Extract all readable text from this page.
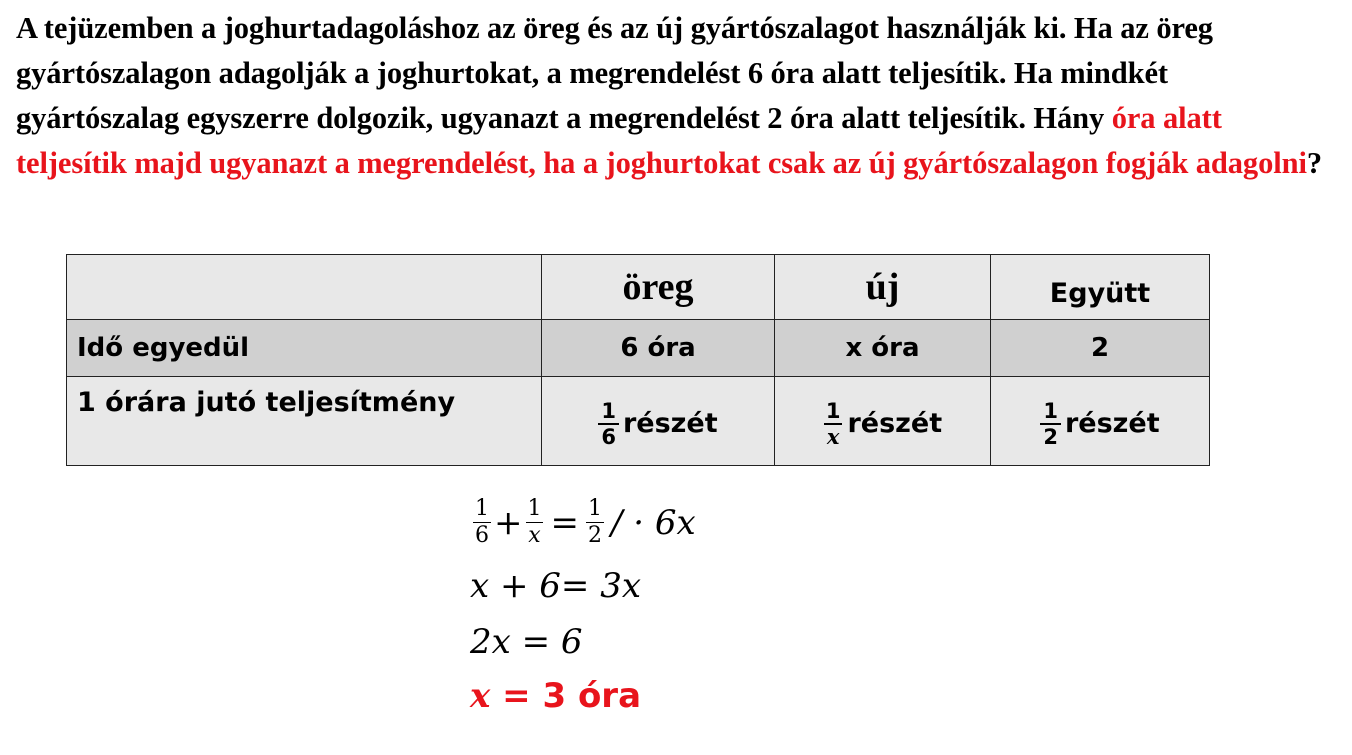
A tejüzemben a joghurtadagoláshoz az öreg és az új gyártószalagot használják ki. Ha az öreg gyártószalagon adagolják a joghurtokat, a megrendelést 6 óra alatt teljesítik. Ha mindkét gyártószalag egyszerre dolgozik, ugyanazt a megrendelést 2 óra alatt teljesítik. Hány óra alatt teljesítik majd ugyanazt a megrendelést, ha a joghurtokat csak az új gyártószalagon fogják adagolni?
	öreg	új	Együtt

Idő egyedül	6 óra	x óra	2
1 órára jutó teljesítmény	$\frac{1}{6}$ részét	$\frac{1}{x}$ részét	$\frac{1}{2}$ részét
$\frac{1}{6} + \frac{1}{x} = \frac{1}{2}$ / · 6x
x + 6= 3x
2x = 6
x = 3 óra
